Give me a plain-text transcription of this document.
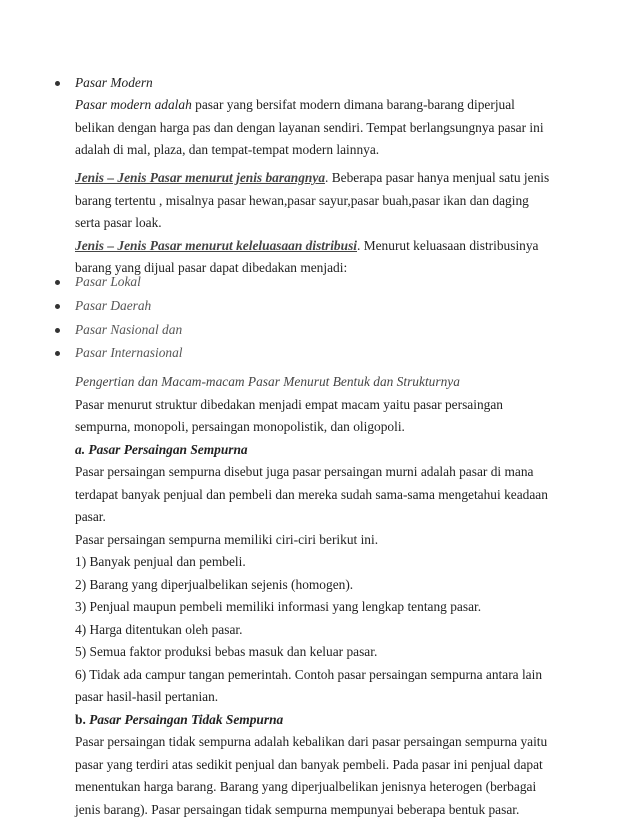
Pasar Modern
Pasar modern adalah pasar yang bersifat modern dimana barang-barang diperjual
belikan dengan harga pas dan dengan layanan sendiri. Tempat berlangsungnya pasar ini
adalah di mal, plaza, dan tempat-tempat modern lainnya.
Jenis – Jenis Pasar menurut jenis barangnya. Beberapa pasar hanya menjual satu jenis
barang tertentu , misalnya pasar hewan,pasar sayur,pasar buah,pasar ikan dan daging
serta pasar loak.
Jenis – Jenis Pasar menurut keleluasaan distribusi. Menurut keluasaan distribusinya
barang yang dijual pasar dapat dibedakan menjadi:
Pasar Lokal
Pasar Daerah
Pasar Nasional dan
Pasar Internasional
Pengertian dan Macam-macam Pasar Menurut Bentuk dan Strukturnya
Pasar menurut struktur dibedakan menjadi empat macam yaitu pasar persaingan
sempurna, monopoli, persaingan monopolistik, dan oligopoli.
a. Pasar Persaingan Sempurna
Pasar persaingan sempurna disebut juga pasar persaingan murni adalah pasar di mana
terdapat banyak penjual dan pembeli dan mereka sudah sama-sama mengetahui keadaan
pasar.
Pasar persaingan sempurna memiliki ciri-ciri berikut ini.
1) Banyak penjual dan pembeli.
2) Barang yang diperjualbelikan sejenis (homogen).
3) Penjual maupun pembeli memiliki informasi yang lengkap tentang pasar.
4) Harga ditentukan oleh pasar.
5) Semua faktor produksi bebas masuk dan keluar pasar.
6) Tidak ada campur tangan pemerintah. Contoh pasar persaingan sempurna antara lain
pasar hasil-hasil pertanian.
b. Pasar Persaingan Tidak Sempurna
Pasar persaingan tidak sempurna adalah kebalikan dari pasar persaingan sempurna yaitu
pasar yang terdiri atas sedikit penjual dan banyak pembeli. Pada pasar ini penjual dapat
menentukan harga barang. Barang yang diperjualbelikan jenisnya heterogen (berbagai
jenis barang). Pasar persaingan tidak sempurna mempunyai beberapa bentuk pasar.
